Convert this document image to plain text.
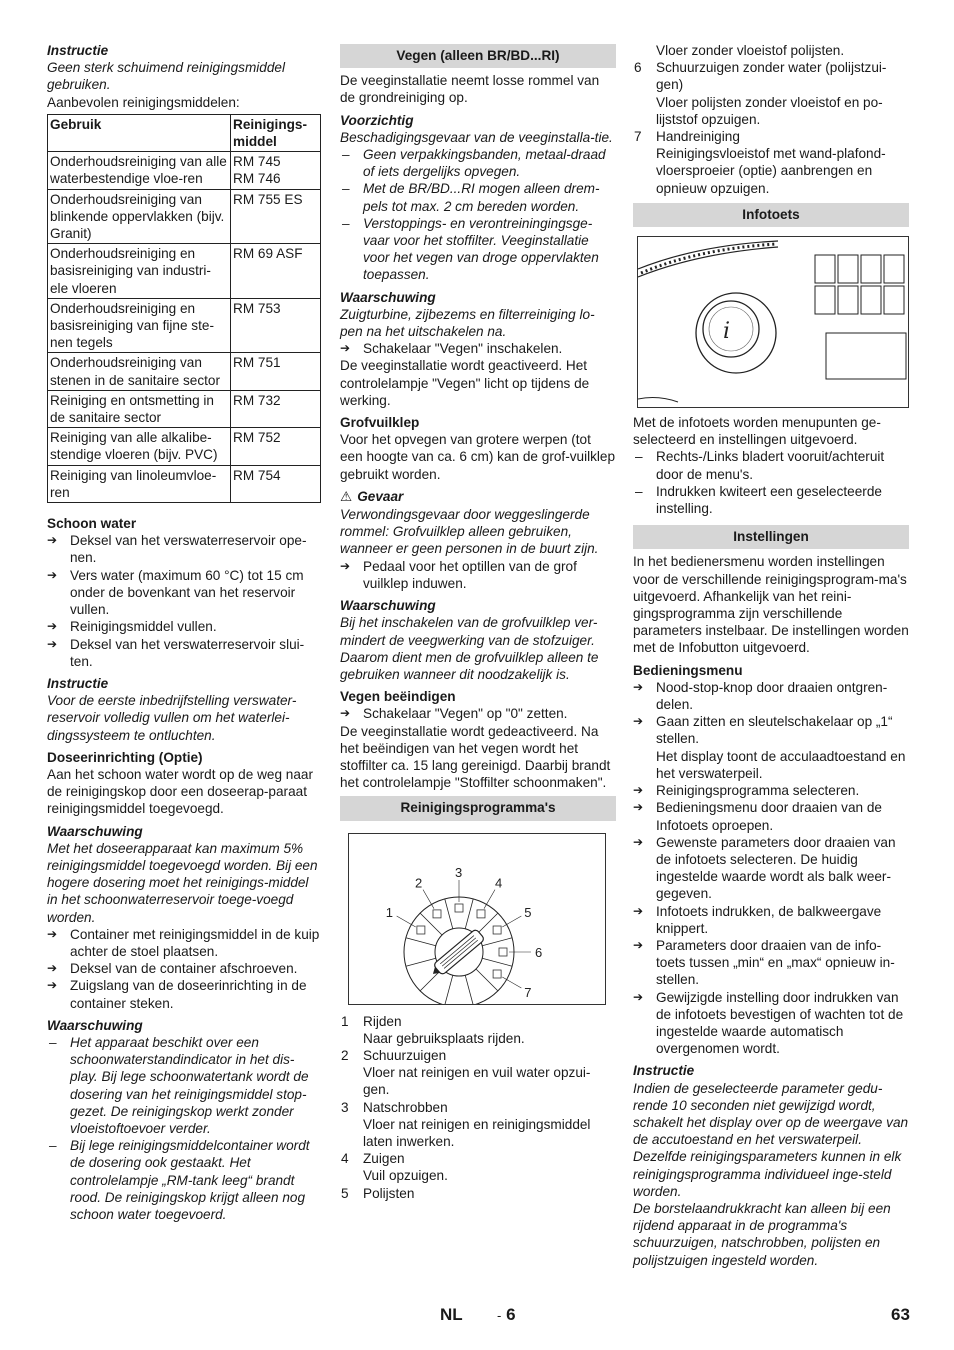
Instructie

Geen sterk schuimend reinigingsmiddel gebruiken.

Aanbevolen reinigingsmiddelen:

Gebruik	Reinigings-middel
Onderhoudsreiniging van alle waterbestendige vloe-ren	RM 745
RM 746
Onderhoudsreiniging van blinkende oppervlakken (bijv. Granit)	RM 755 ES
Onderhoudsreiniging en basisreiniging van industri-ele vloeren	RM 69 ASF
Onderhoudsreiniging en basisreiniging van fijne ste-nen tegels	RM 753
Onderhoudsreiniging van stenen in de sanitaire sector	RM 751
Reiniging en ontsmetting in de sanitaire sector	RM 732
Reiniging van alle alkalibe-stendige vloeren (bijv. PVC)	RM 752
Reiniging van linoleumvloe-ren	RM 754

Schoon water

➔ Deksel van het verswaterreservoir ope-nen.

➔ Vers water (maximum 60 °C) tot 15 cm onder de bovenkant van het reservoir vullen.

➔ Reinigingsmiddel vullen.

➔ Deksel van het verswaterreservoir slui-ten.

Instructie

Voor de eerste inbedrijfstelling verswater-reservoir volledig vullen om het waterlei-dingssysteem te ontluchten.

Doseerinrichting (Optie)

Aan het schoon water wordt op de weg naar de reinigingskop door een doseerap-paraat reinigingsmiddel toegevoegd.

Waarschuwing

Met het doseerapparaat kan maximum 5% reinigingsmiddel toegevoegd worden. Bij een hogere dosering moet het reinigings-middel in het schoonwaterreservoir toege-voegd worden.

➔ Container met reinigingsmiddel in de kuip achter de stoel plaatsen.

➔ Deksel van de container afschroeven.

➔ Zuigslang van de doseerinrichting in de container steken.

Waarschuwing

– Het apparaat beschikt over een schoonwaterstandindicator in het dis-play. Bij lege schoonwatertank wordt de dosering van het reinigingsmiddel stop-gezet. De reinigingskop werkt zonder vloeistoftoevoer verder.

– Bij lege reinigingsmiddelcontainer wordt de dosering ook gestaakt. Het controlelampje „RM-tank leeg“ brandt rood. De reinigingskop krijgt alleen nog schoon water toegevoerd.

Vegen (alleen BR/BD...RI)

De veeginstallatie neemt losse rommel van de grondreiniging op.

Voorzichtig

Beschadigingsgevaar van de veeginstalla-tie.

– Geen verpakkingsbanden, metaal-draad of iets dergelijks opvegen.

– Met de BR/BD...RI mogen alleen drem-pels tot max. 2 cm bereden worden.

– Verstoppings- en verontreiningingsge-vaar voor het stoffilter. Veeginstallatie voor het vegen van droge oppervlakten toepassen.

Waarschuwing

Zuigturbine, zijbezems en filterreiniging lo-pen na het uitschakelen na.

➔ Schakelaar "Vegen" inschakelen.

De veeginstallatie wordt geactiveerd. Het controlelampje "Vegen" licht op tijdens de werking.

Grofvuilklep

Voor het opvegen van grotere werpen (tot een hoogte van ca. 6 cm) kan de grof-vuilklep gebruikt worden.

⚠ Gevaar

Verwondingsgevaar door weggeslingerde rommel: Grofvuilklep alleen gebruiken, wanneer er geen personen in de buurt zijn.

➔ Pedaal voor het optillen van de grof vuilklep induwen.

Waarschuwing

Bij het inschakelen van de grofvuilklep ver-mindert de veegwerking van de stofzuiger. Daarom dient men de grofvuilklep alleen te gebruiken wanneer dit noodzakelijk is.

Vegen beëindigen

➔ Schakelaar "Vegen" op "0" zetten.

De veeginstallatie wordt gedeactiveerd. Na het beëindigen van het vegen wordt het stoffilter ca. 15 lang gereinigd. Daarbij brandt het controlelampje "Stoffilter schoonmaken".

Reinigingsprogramma's
1
2
3
4
5
6
7
1 Rijden

Naar gebruiksplaats rijden.

2 Schuurzuigen

Vloer nat reinigen en vuil water opzui-gen.

3 Natschrobben

Vloer nat reinigen en reinigingsmiddel laten inwerken.

4 Zuigen

Vuil opzuigen.

5 Polijsten

Vloer zonder vloeistof polijsten.

6 Schuurzuigen zonder water (polijstzui-gen)

Vloer polijsten zonder vloeistof en po-lijststof opzuigen.

7 Handreiniging

Reinigingsvloeistof met wand-plafond-vloersproeier (optie) aanbrengen en opnieuw opzuigen.

Infotoets
i

Met de infotoets worden menupunten ge-selecteerd en instellingen uitgevoerd.

– Rechts-/Links bladert vooruit/achteruit door de menu's.

– Indrukken kwiteert een geselecteerde instelling.

Instellingen

In het bedienersmenu worden instellingen voor de verschillende reinigingsprogram-ma's uitgevoerd. Afhankelijk van het reini-gingsprogramma zijn verschillende parameters instelbaar. De instellingen worden met de Infobutton uitgevoerd.

Bedieningsmenu

➔ Nood-stop-knop door draaien ontgren-delen.

➔ Gaan zitten en sleutelschakelaar op „1“ stellen.

Het display toont de acculaadtoestand en het verswaterpeil.

➔ Reinigingsprogramma selecteren.

➔ Bedieningsmenu door draaien van de Infotoets oproepen.

➔ Gewenste parameters door draaien van de infotoets selecteren. De huidig ingestelde waarde wordt als balk weer-gegeven.

➔ Infotoets indrukken, de balkweergave knippert.

➔ Parameters door draaien van de info-toets tussen „min“ en „max“ opnieuw in-stellen.

➔ Gewijzigde instelling door indrukken van de infotoets bevestigen of wachten tot de ingestelde waarde automatisch overgenomen wordt.

Instructie

Indien de geselecteerde parameter gedu-rende 10 seconden niet gewijzigd wordt, schakelt het display over op de weergave van de accutoestand en het verswaterpeil. Dezelfde reinigingsparameters kunnen in elk reinigingsprogramma individueel inge-steld worden.

De borstelaandrukkracht kan alleen bij een rijdend apparaat in de programma's schuurzuigen, natschrobben, polijsten en polijstzuigen ingesteld worden.

NL	- 6	63
